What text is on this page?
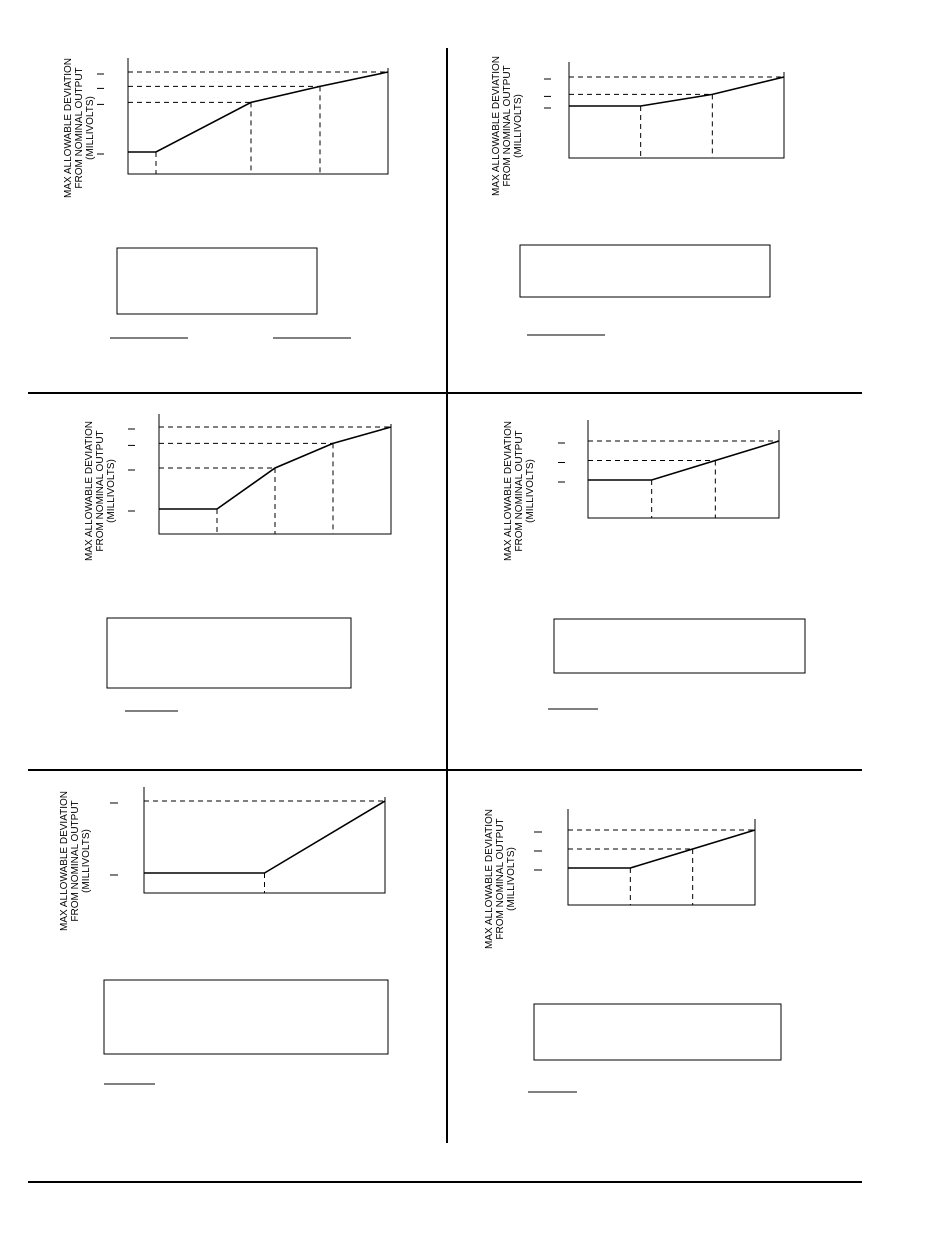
MAX ALLOWABLE DEVIATIONFROM NOMINAL OUTPUT(MILLIVOLTS)	MAX ALLOWABLE DEVIATIONFROM NOMINAL OUTPUT(MILLIVOLTS)
MAX ALLOWABLE DEVIATIONFROM NOMINAL OUTPUT(MILLIVOLTS)	MAX ALLOWABLE DEVIATIONFROM NOMINAL OUTPUT(MILLIVOLTS)
MAX ALLOWABLE DEVIATIONFROM NOMINAL OUTPUT(MILLIVOLTS)	MAX ALLOWABLE DEVIATIONFROM NOMINAL OUTPUT(MILLIVOLTS)
